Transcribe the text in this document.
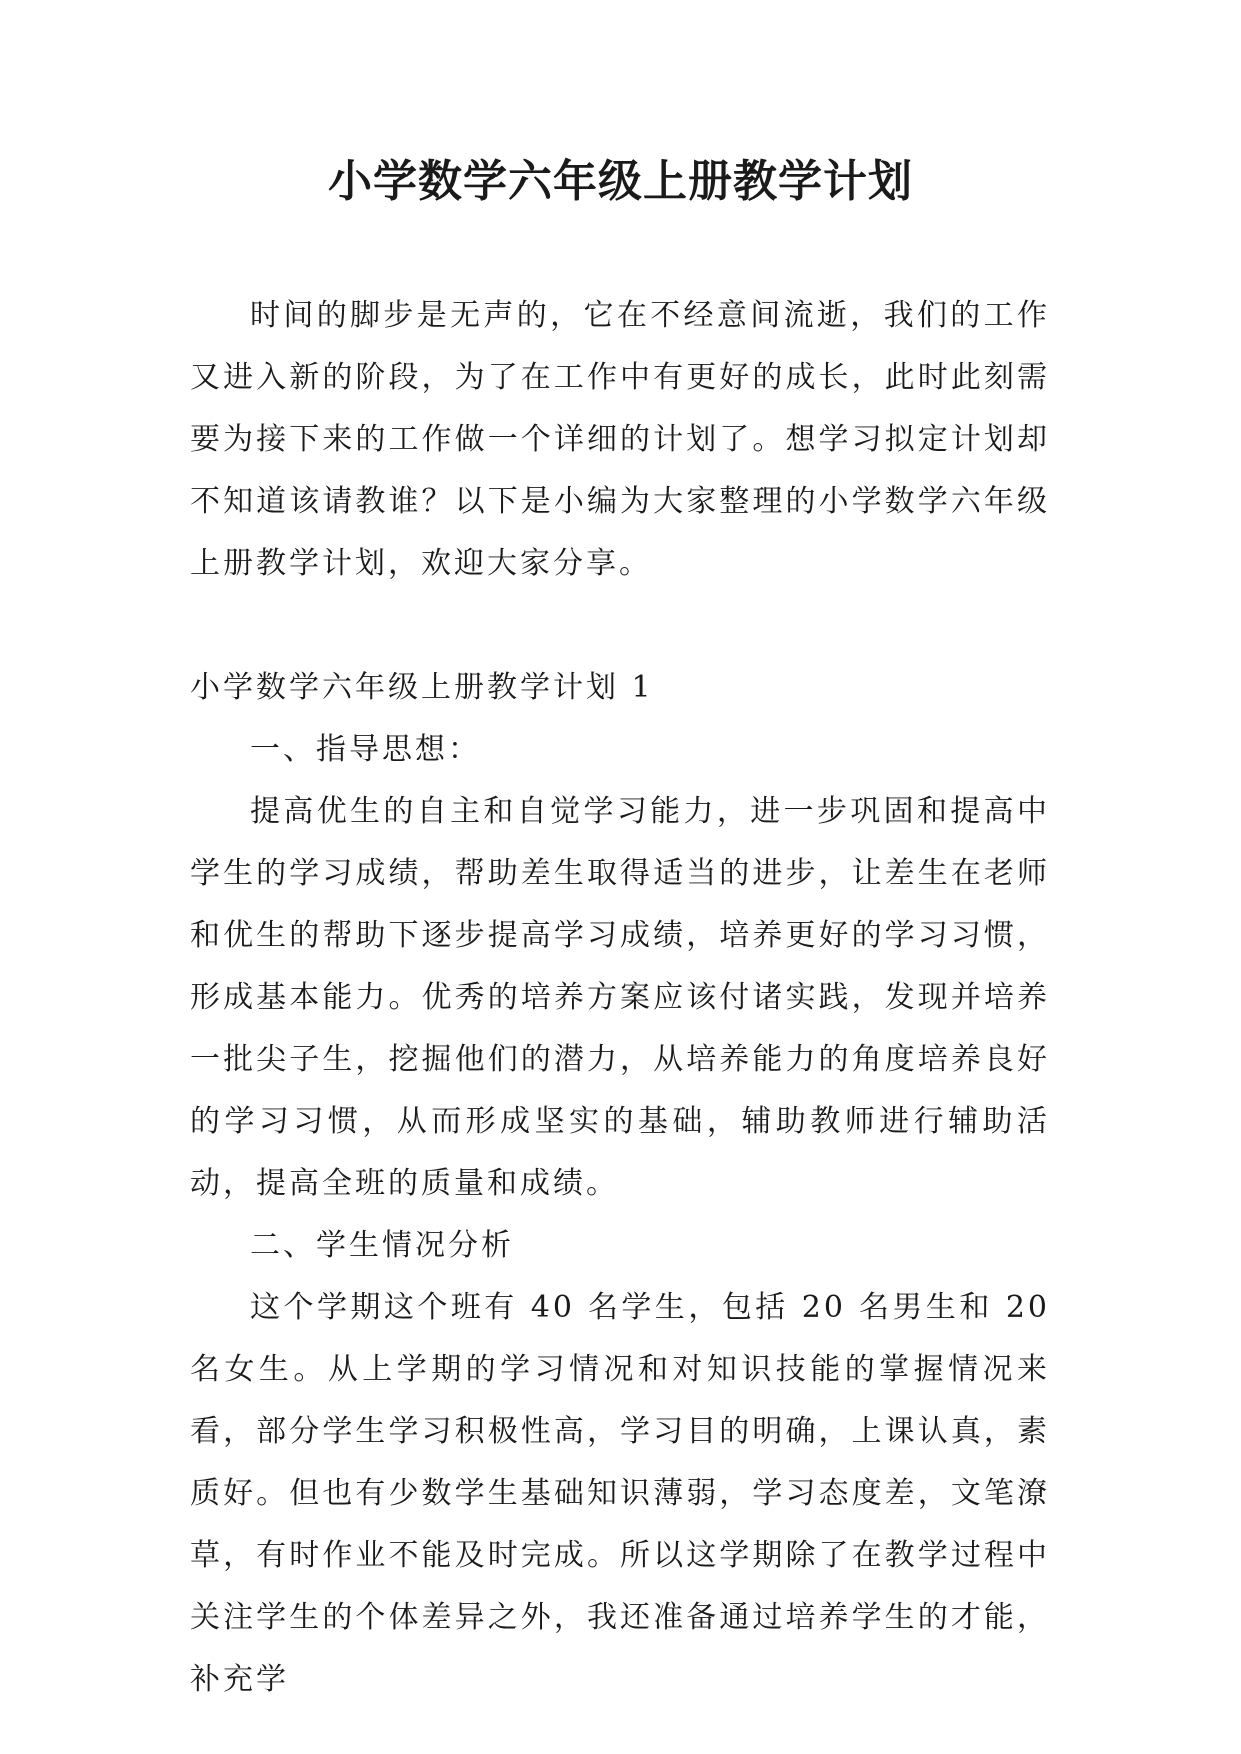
小学数学六年级上册教学计划

时间的脚步是无声的，它在不经意间流逝，我们的工作又进入新的阶段，为了在工作中有更好的成长，此时此刻需要为接下来的工作做一个详细的计划了。想学习拟定计划却不知道该请教谁？以下是小编为大家整理的小学数学六年级上册教学计划，欢迎大家分享。

小学数学六年级上册教学计划 1

一、指导思想：

提高优生的自主和自觉学习能力，进一步巩固和提高中学生的学习成绩，帮助差生取得适当的进步，让差生在老师和优生的帮助下逐步提高学习成绩，培养更好的学习习惯，形成基本能力。优秀的培养方案应该付诸实践，发现并培养一批尖子生，挖掘他们的潜力，从培养能力的角度培养良好的学习习惯，从而形成坚实的基础，辅助教师进行辅助活动，提高全班的质量和成绩。

二、学生情况分析

这个学期这个班有 40 名学生，包括 20 名男生和 20 名女生。从上学期的学习情况和对知识技能的掌握情况来看，部分学生学习积极性高，学习目的明确，上课认真，素质好。但也有少数学生基础知识薄弱，学习态度差，文笔潦草，有时作业不能及时完成。所以这学期除了在教学过程中关注学生的个体差异之外，我还准备通过培养学生的才能，补充学
